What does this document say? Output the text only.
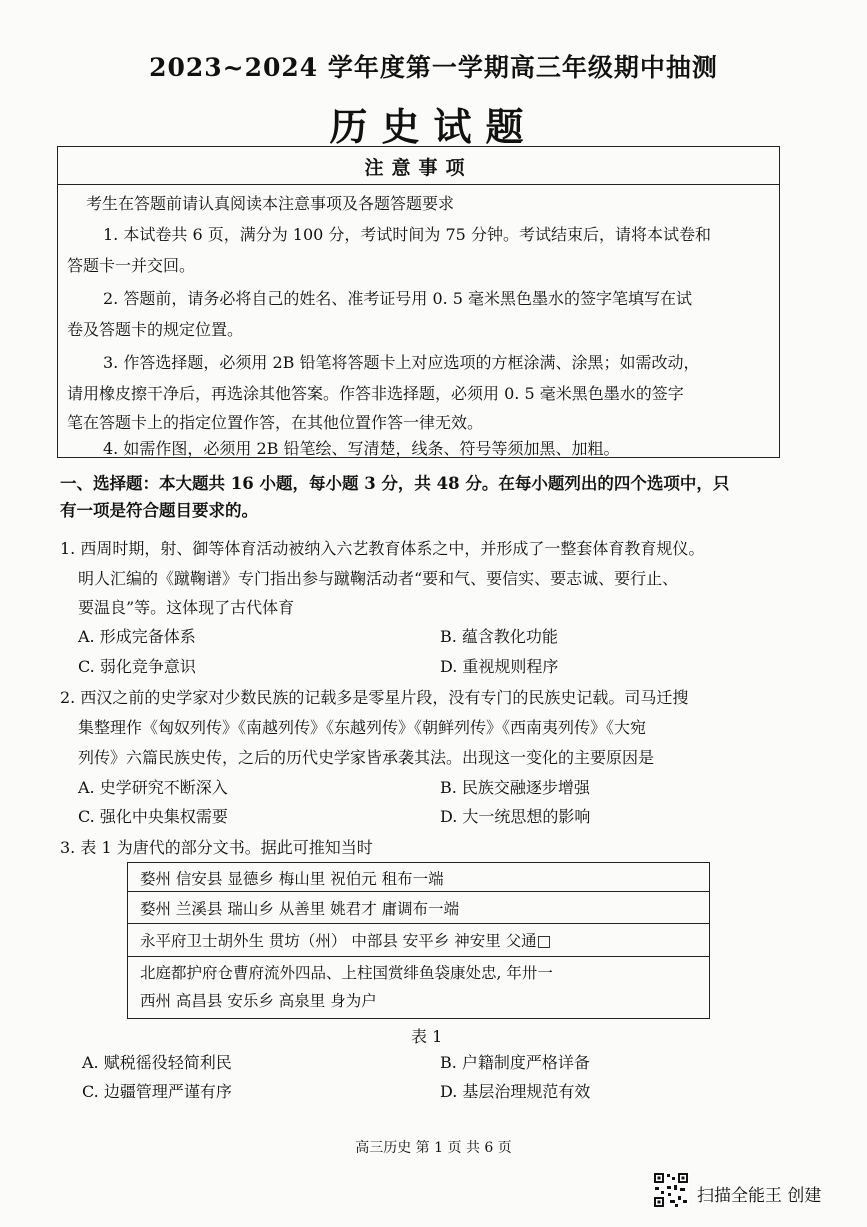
2023~2024 学年度第一学期高三年级期中抽测
历史试题
注意事项
考生在答题前请认真阅读本注意事项及各题答题要求
1. 本试卷共 6 页，满分为 100 分，考试时间为 75 分钟。考试结束后，请将本试卷和
答题卡一并交回。
2. 答题前，请务必将自己的姓名、准考证号用 0. 5 毫米黑色墨水的签字笔填写在试
卷及答题卡的规定位置。
3. 作答选择题，必须用 2B 铅笔将答题卡上对应选项的方框涂满、涂黑；如需改动，
请用橡皮擦干净后，再选涂其他答案。作答非选择题，必须用 0. 5 毫米黑色墨水的签字
笔在答题卡上的指定位置作答，在其他位置作答一律无效。
4. 如需作图，必须用 2B 铅笔绘、写清楚，线条、符号等须加黑、加粗。
一、选择题：本大题共 16 小题，每小题 3 分，共 48 分。在每小题列出的四个选项中，只
有一项是符合题目要求的。
1. 西周时期，射、御等体育活动被纳入六艺教育体系之中，并形成了一整套体育教育规仪。
明人汇编的《蹴鞠谱》专门指出参与蹴鞠活动者“要和气、要信实、要志诚、要行止、
要温良”等。这体现了古代体育
A. 形成完备体系	B. 蕴含教化功能
C. 弱化竞争意识	D. 重视规则程序
2. 西汉之前的史学家对少数民族的记载多是零星片段，没有专门的民族史记载。司马迁搜
集整理作《匈奴列传》《南越列传》《东越列传》《朝鲜列传》《西南夷列传》《大宛
列传》六篇民族史传，之后的历代史学家皆承袭其法。出现这一变化的主要原因是
A. 史学研究不断深入	B. 民族交融逐步增强
C. 强化中央集权需要	D. 大一统思想的影响
3. 表 1 为唐代的部分文书。据此可推知当时
婺州 信安县 显德乡 梅山里 祝伯元 租布一端
婺州 兰溪县 瑞山乡 从善里 姚君才 庸调布一端
永平府卫士胡外生 贯坊（州） 中部县 安平乡 神安里 父通□
北庭都护府仓曹府流外四品、上柱国赏绯鱼袋康处忠, 年卅一
西州 高昌县 安乐乡 高泉里 身为户
表 1
A. 赋税徭役轻简利民	B. 户籍制度严格详备
C. 边疆管理严谨有序	D. 基层治理规范有效
高三历史 第 1 页 共 6 页
扫描全能王 创建
